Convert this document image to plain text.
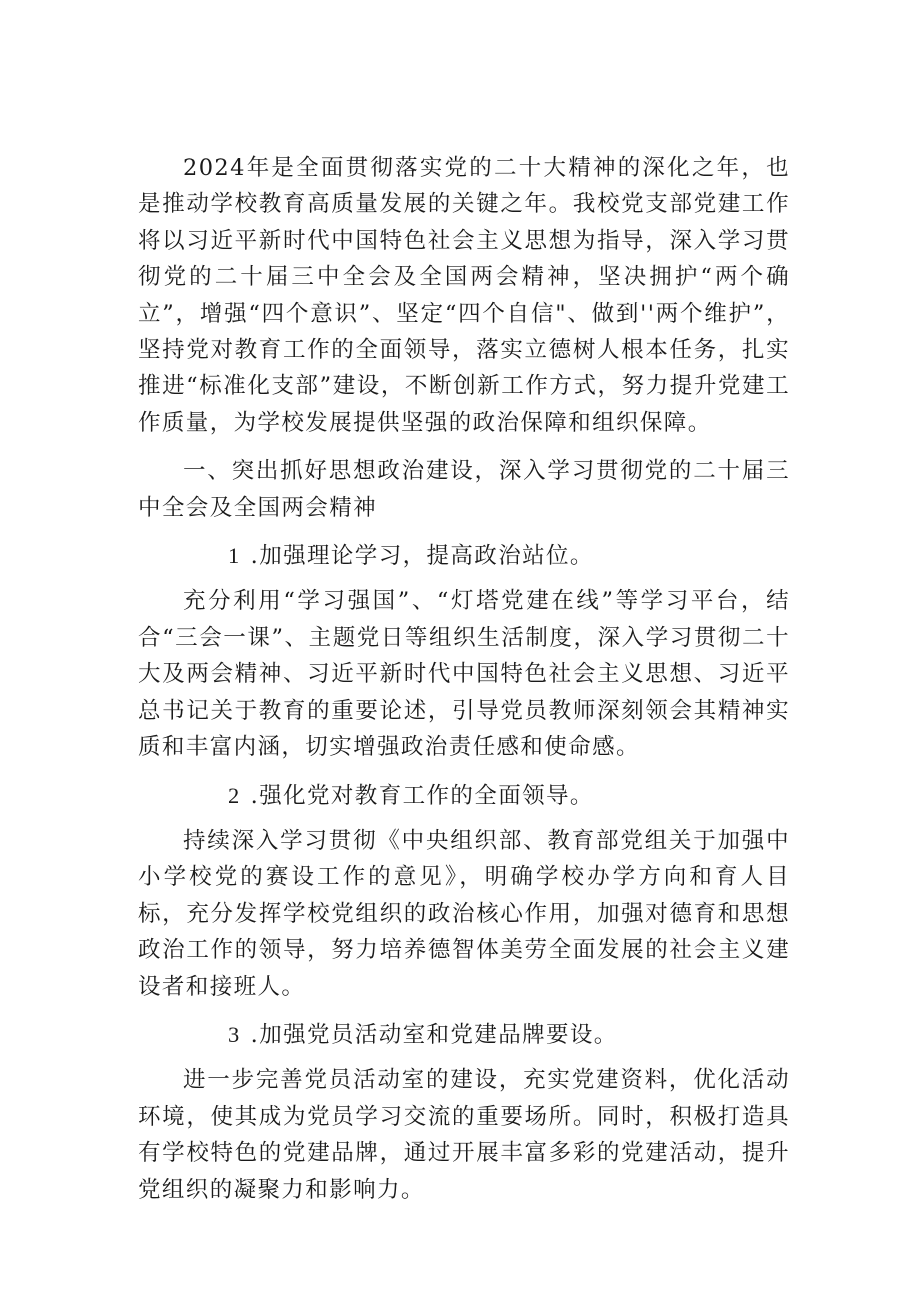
2024年是全面贯彻落实党的二十大精神的深化之年，也是推动学校教育高质量发展的关键之年。我校党支部党建工作将以习近平新时代中国特色社会主义思想为指导，深入学习贯彻党的二十届三中全会及全国两会精神，坚决拥护“两个确立”，增强“四个意识”、坚定“四个自信"、做到''两个维护”，坚持党对教育工作的全面领导，落实立德树人根本任务，扎实推进“标准化支部”建设，不断创新工作方式，努力提升党建工作质量，为学校发展提供坚强的政治保障和组织保障。

一、突出抓好思想政治建设，深入学习贯彻党的二十届三中全会及全国两会精神

1 .加强理论学习，提高政治站位。

充分利用“学习强国”、“灯塔党建在线”等学习平台，结合“三会一课”、主题党日等组织生活制度，深入学习贯彻二十大及两会精神、习近平新时代中国特色社会主义思想、习近平总书记关于教育的重要论述，引导党员教师深刻领会其精神实质和丰富内涵，切实增强政治责任感和使命感。

2 .强化党对教育工作的全面领导。

持续深入学习贯彻《中央组织部、教育部党组关于加强中小学校党的赛设工作的意见》，明确学校办学方向和育人目标，充分发挥学校党组织的政治核心作用，加强对德育和思想政治工作的领导，努力培养德智体美劳全面发展的社会主义建设者和接班人。

3 .加强党员活动室和党建品牌要设。

进一步完善党员活动室的建设，充实党建资料，优化活动环境，使其成为党员学习交流的重要场所。同时，积极打造具有学校特色的党建品牌，通过开展丰富多彩的党建活动，提升党组织的凝聚力和影响力。
